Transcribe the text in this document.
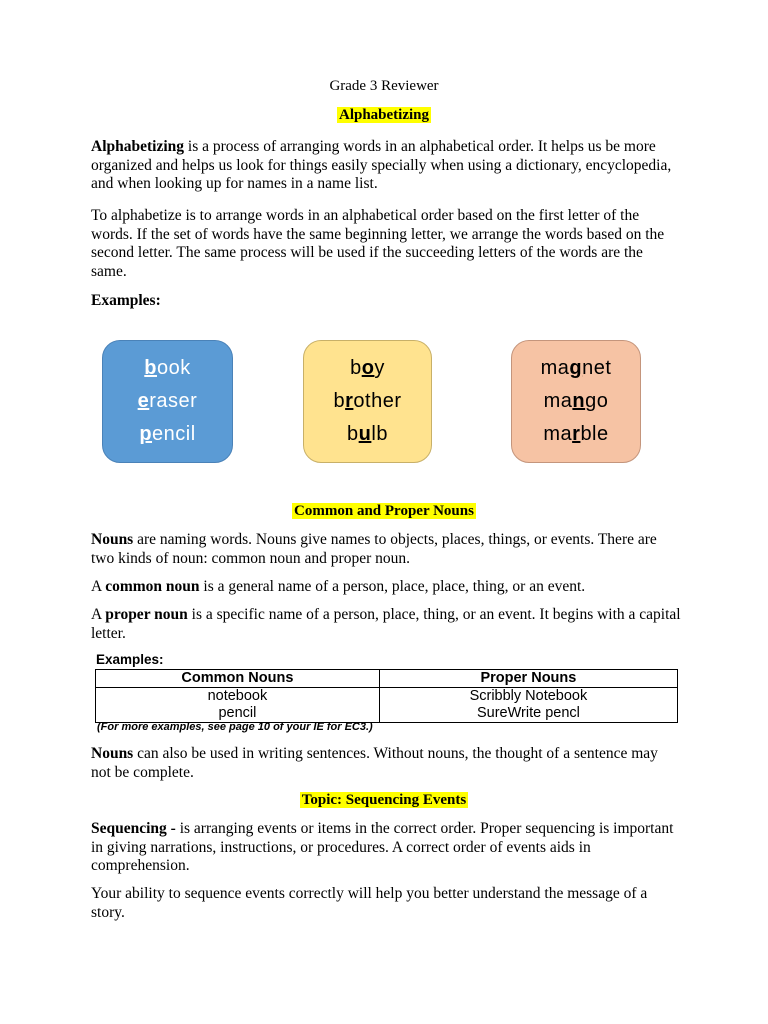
Grade 3 Reviewer
Alphabetizing

Alphabetizing is a process of arranging words in an alphabetical order. It helps us be more organized and helps us look for things easily specially when using a dictionary, encyclopedia, and when looking up for names in a name list.

To alphabetize is to arrange words in an alphabetical order based on the first letter of the words. If the set of words have the same beginning letter, we arrange the words based on the second letter. The same process will be used if the succeeding letters of the words are the same.

Examples:
book
eraser
pencil
boy
brother
bulb
magnet
mango
marble
Common and Proper Nouns

Nouns are naming words. Nouns give names to objects, places, things, or events. There are two kinds of noun: common noun and proper noun.

A common noun is a general name of a person, place, place, thing, or an event.

A proper noun is a specific name of a person, place, thing, or an event. It begins with a capital letter.

Examples:
Common Nouns	Proper Nouns
notebook	Scribbly Notebook
pencil	SureWrite pencl
(For more examples, see page 10 of your IE for EC3.)

Nouns can also be used in writing sentences. Without nouns, the thought of a sentence may not be complete.

Topic: Sequencing Events

Sequencing - is arranging events or items in the correct order. Proper sequencing is important in giving narrations, instructions, or procedures. A correct order of events aids in comprehension.

Your ability to sequence events correctly will help you better understand the message of a story.
